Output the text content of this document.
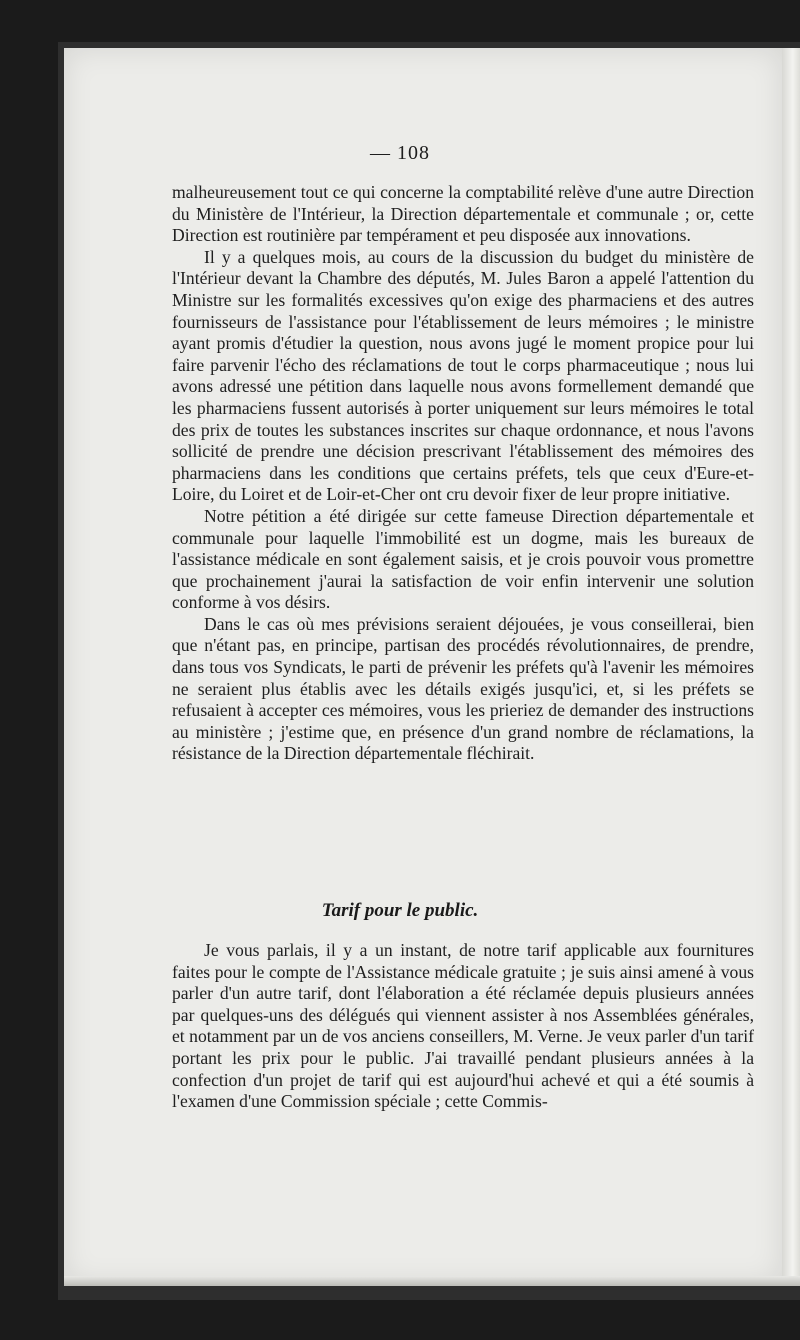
— 108

malheureusement tout ce qui concerne la comptabilité relève d'une autre Direction du Ministère de l'Intérieur, la Direction départementale et communale ; or, cette Direction est routinière par tempérament et peu disposée aux innovations.

Il y a quelques mois, au cours de la discussion du budget du ministère de l'Intérieur devant la Chambre des députés, M. Jules Baron a appelé l'attention du Ministre sur les formalités excessives qu'on exige des pharmaciens et des autres fournisseurs de l'assistance pour l'établissement de leurs mémoires ; le ministre ayant promis d'étudier la question, nous avons jugé le moment propice pour lui faire parvenir l'écho des réclamations de tout le corps pharmaceutique ; nous lui avons adressé une pétition dans laquelle nous avons formellement demandé que les pharmaciens fussent autorisés à porter uniquement sur leurs mémoires le total des prix de toutes les substances inscrites sur chaque ordonnance, et nous l'avons sollicité de prendre une décision prescrivant l'établissement des mémoires des pharmaciens dans les conditions que certains préfets, tels que ceux d'Eure-et-Loire, du Loiret et de Loir-et-Cher ont cru devoir fixer de leur propre initiative.

Notre pétition a été dirigée sur cette fameuse Direction départementale et communale pour laquelle l'immobilité est un dogme, mais les bureaux de l'assistance médicale en sont également saisis, et je crois pouvoir vous promettre que prochainement j'aurai la satisfaction de voir enfin intervenir une solution conforme à vos désirs.

Dans le cas où mes prévisions seraient déjouées, je vous conseillerai, bien que n'étant pas, en principe, partisan des procédés révolutionnaires, de prendre, dans tous vos Syndicats, le parti de prévenir les préfets qu'à l'avenir les mémoires ne seraient plus établis avec les détails exigés jusqu'ici, et, si les préfets se refusaient à accepter ces mémoires, vous les prieriez de demander des instructions au ministère ; j'estime que, en présence d'un grand nombre de réclamations, la résistance de la Direction départementale fléchirait.

Tarif pour le public.

Je vous parlais, il y a un instant, de notre tarif applicable aux fournitures faites pour le compte de l'Assistance médicale gratuite ; je suis ainsi amené à vous parler d'un autre tarif, dont l'élaboration a été réclamée depuis plusieurs années par quelques-uns des délégués qui viennent assister à nos Assemblées générales, et notamment par un de vos anciens conseillers, M. Verne. Je veux parler d'un tarif portant les prix pour le public. J'ai travaillé pendant plusieurs années à la confection d'un projet de tarif qui est aujourd'hui achevé et qui a été soumis à l'examen d'une Commission spéciale ; cette Commis-
